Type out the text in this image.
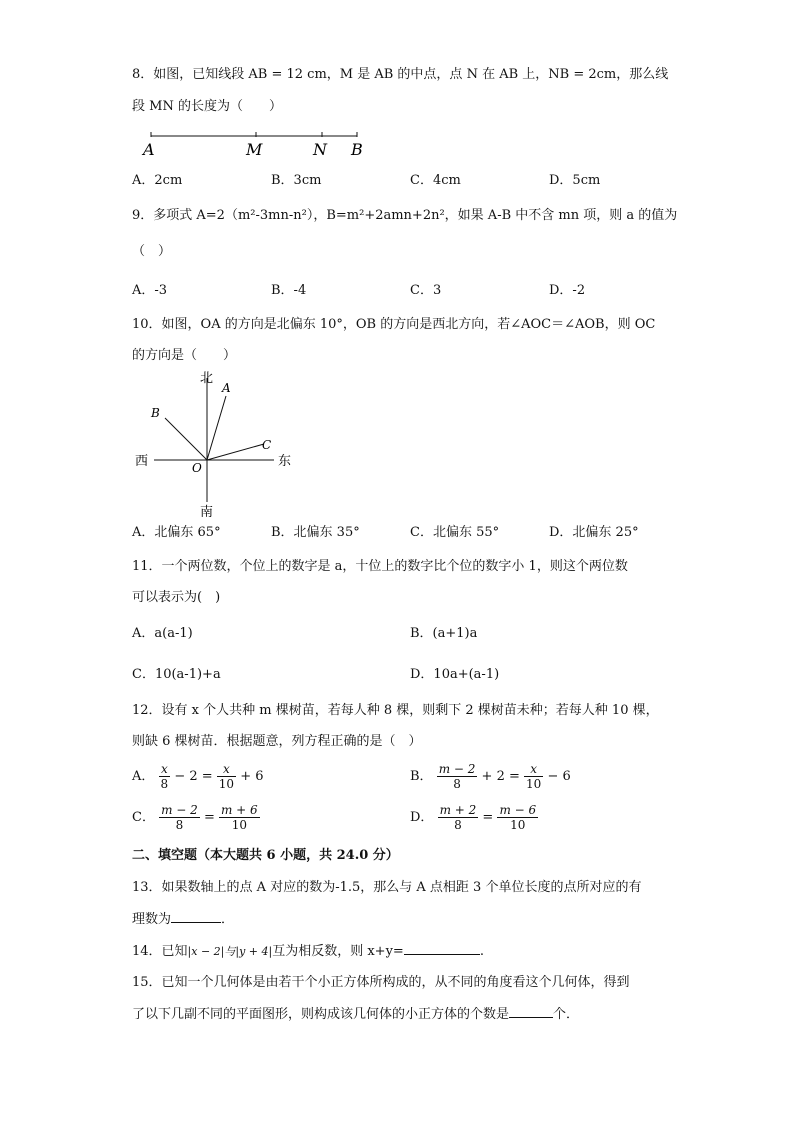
8．如图，已知线段 AB = 12 cm，M 是 AB 的中点，点 N 在 AB 上，NB = 2cm，那么线
段 MN 的长度为（　　）
A	M	N B
A．2cm	B．3cm	C．4cm	D．5cm
9．多项式 A=2（m²-3mn-n²），B=m²+2amn+2n²，如果 A-B 中不含 mn 项，则 a 的值为
（　）
A．-3	B．-4	C．3	D．-2
10．如图，OA 的方向是北偏东 10°，OB 的方向是西北方向，若∠AOC＝∠AOB，则 OC
的方向是（　　）
北
南
西	东
O
A
B
C
A．北偏东 65°	B．北偏东 35°	C．北偏东 55°	D．北偏东 25°
11．一个两位数，个位上的数字是 a，十位上的数字比个位的数字小 1，则这个两位数
可以表示为(　)
A．a(a-1)	B．(a+1)a
C．10(a-1)+a	D．10a+(a-1)
12．设有 x 个人共种 m 棵树苗，若每人种 8 棵，则剩下 2 棵树苗未种；若每人种 10 棵，
则缺 6 棵树苗．根据题意，列方程正确的是（　）
A． $\frac{x}{8} - 2 = \frac{x}{10} + 6$	B． $\frac{m - 2}{8} + 2 = \frac{x}{10} - 6$
C． $\frac{m - 2}{8} = \frac{m + 6}{10}$	D． $\frac{m + 2}{8} = \frac{m - 6}{10}$
二、填空题（本大题共 6 小题，共 24.0 分）
13．如果数轴上的点 A 对应的数为-1.5，那么与 A 点相距 3 个单位长度的点所对应的有
理数为	．
14．已知|x − 2|与|y + 4|互为相反数，则 x+y=	.
15．已知一个几何体是由若干个小正方体所构成的，从不同的角度看这个几何体，得到
了以下几副不同的平面图形，则构成该几何体的小正方体的个数是	个．
